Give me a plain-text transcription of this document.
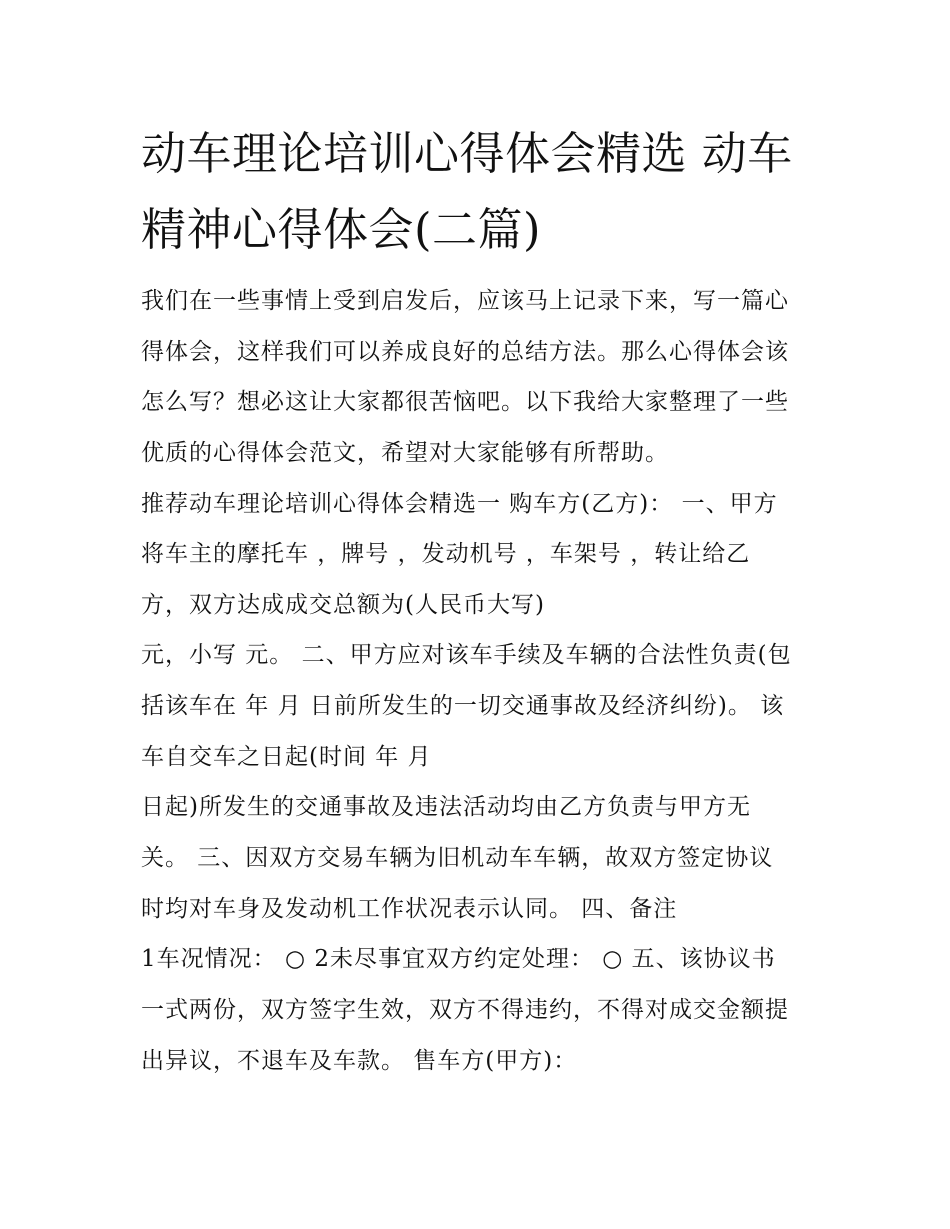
动车理论培训心得体会精选 动车精神心得体会(二篇)

我们在一些事情上受到启发后，应该马上记录下来，写一篇心

得体会，这样我们可以养成良好的总结方法。那么心得体会该

怎么写？想必这让大家都很苦恼吧。以下我给大家整理了一些

优质的心得体会范文，希望对大家能够有所帮助。

推荐动车理论培训心得体会精选一 购车方(乙方)： 一、甲方

将车主的摩托车 ，牌号 ，发动机号 ，车架号 ，转让给乙

方，双方达成成交总额为(人民币大写)

元，小写 元。 二、甲方应对该车手续及车辆的合法性负责(包

括该车在 年 月 日前所发生的一切交通事故及经济纠纷)。 该

车自交车之日起(时间 年 月

日起)所发生的交通事故及违法活动均由乙方负责与甲方无

关。 三、因双方交易车辆为旧机动车车辆，故双方签定协议

时均对车身及发动机工作状况表示认同。 四、备注

1车况情况： ○ 2未尽事宜双方约定处理： ○ 五、该协议书

一式两份，双方签字生效，双方不得违约，不得对成交金额提

出异议，不退车及车款。 售车方(甲方)：
